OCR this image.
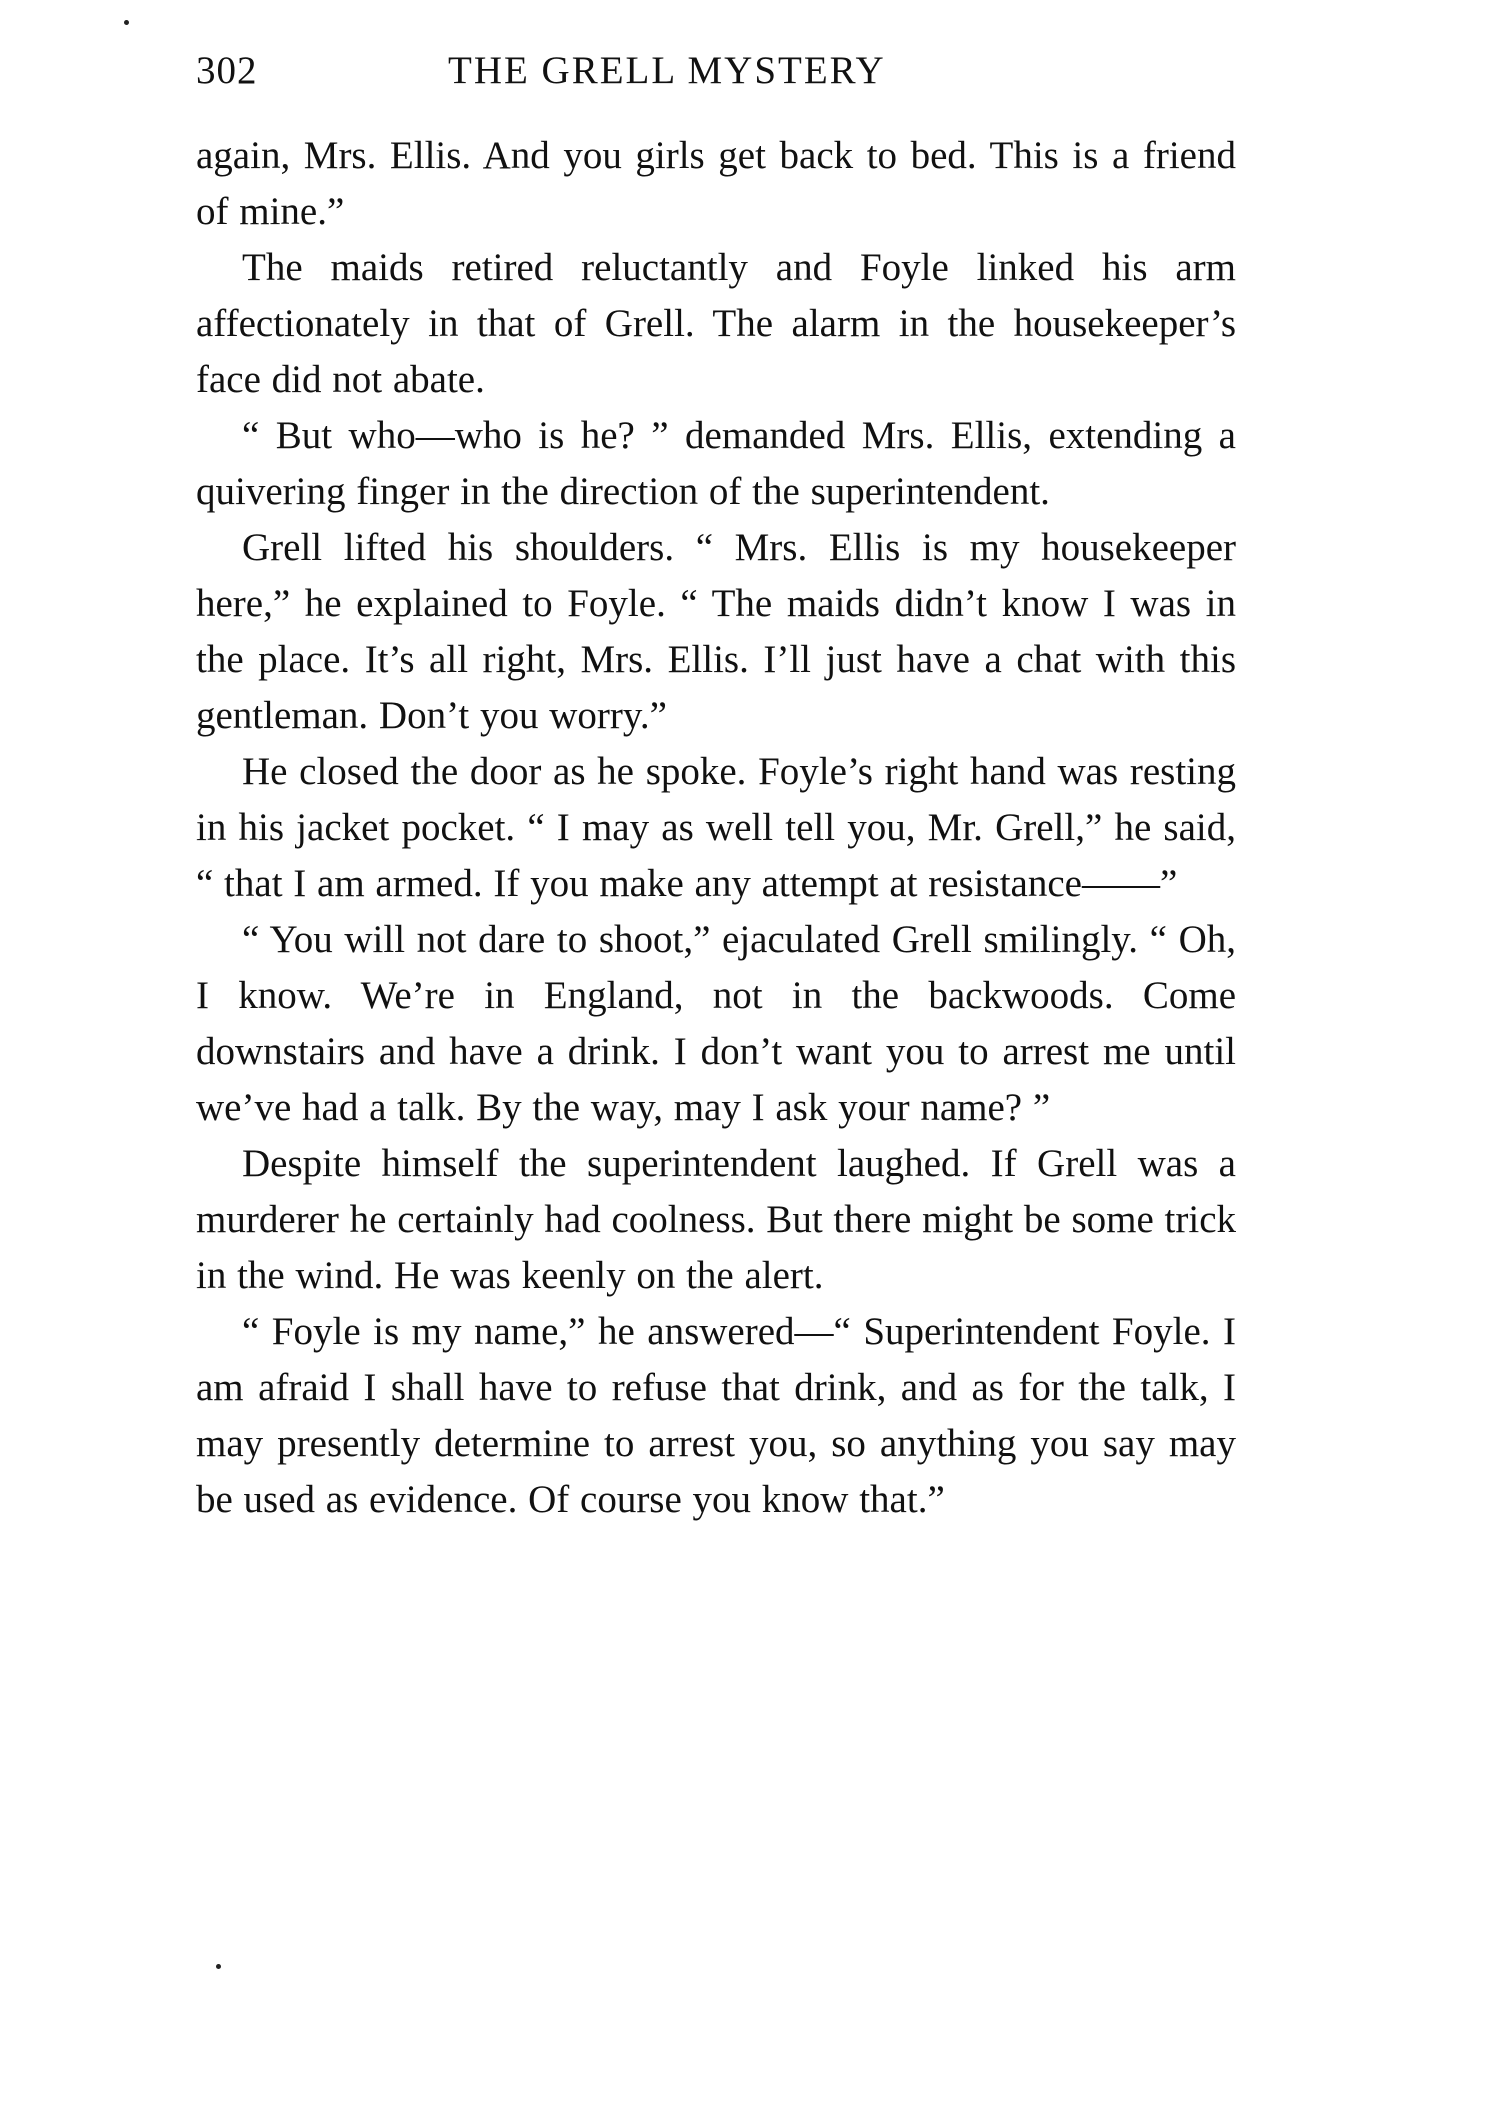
302	THE GRELL MYSTERY

again, Mrs. Ellis. And you girls get back to bed. This is a friend of mine.”

The maids retired reluctantly and Foyle linked his arm affectionately in that of Grell. The alarm in the housekeeper’s face did not abate.

“ But who—who is he? ” demanded Mrs. Ellis, extending a quivering finger in the direction of the superintendent.

Grell lifted his shoulders. “ Mrs. Ellis is my housekeeper here,” he explained to Foyle. “ The maids didn’t know I was in the place. It’s all right, Mrs. Ellis. I’ll just have a chat with this gentleman. Don’t you worry.”

He closed the door as he spoke. Foyle’s right hand was resting in his jacket pocket. “ I may as well tell you, Mr. Grell,” he said, “ that I am armed. If you make any attempt at resistance——”

“ You will not dare to shoot,” ejaculated Grell smilingly. “ Oh, I know. We’re in England, not in the backwoods. Come downstairs and have a drink. I don’t want you to arrest me until we’ve had a talk. By the way, may I ask your name? ”

Despite himself the superintendent laughed. If Grell was a murderer he certainly had coolness. But there might be some trick in the wind. He was keenly on the alert.

“ Foyle is my name,” he answered—“ Superintendent Foyle. I am afraid I shall have to refuse that drink, and as for the talk, I may presently determine to arrest you, so anything you say may be used as evidence. Of course you know that.”
